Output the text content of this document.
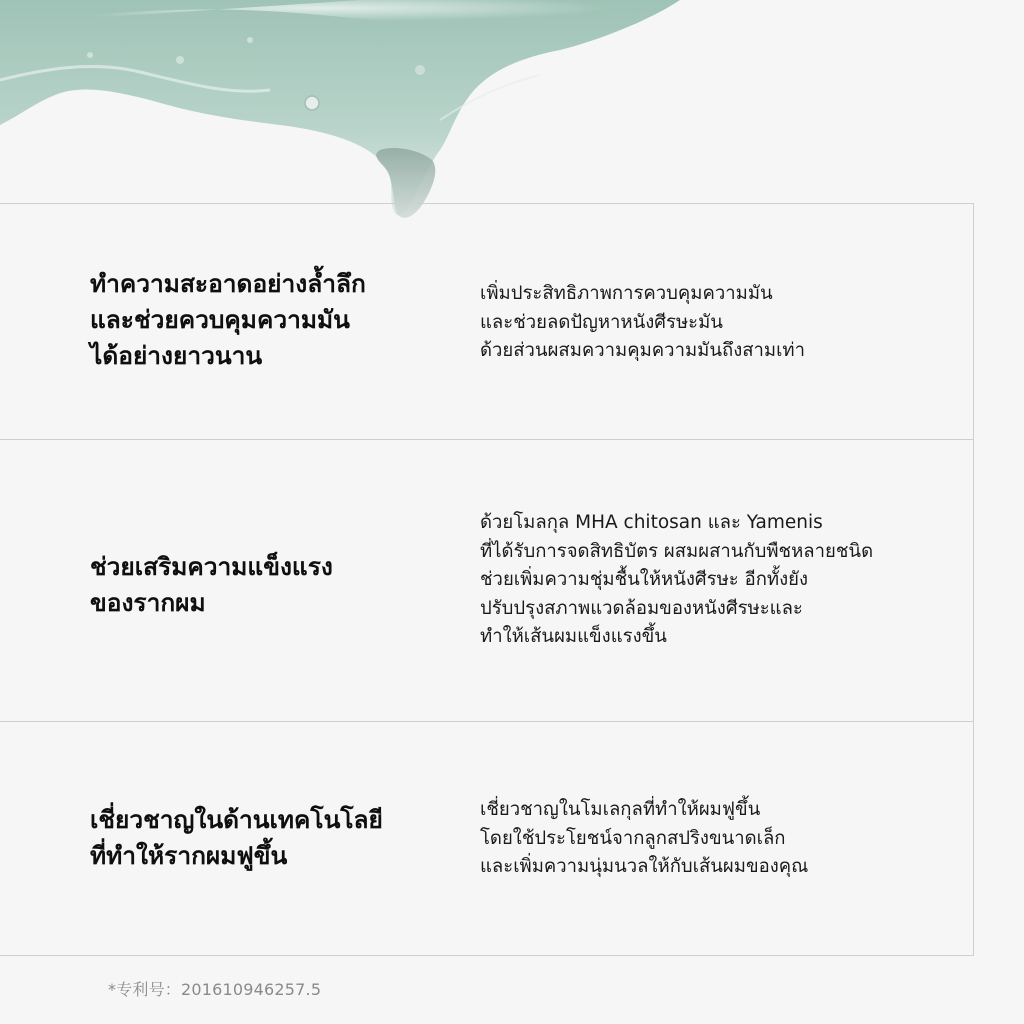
ทำความสะอาดอย่างล้ำลึก
และช่วยควบคุมความมัน
ได้อย่างยาวนาน
เพิ่มประสิทธิภาพการควบคุมความมัน
และช่วยลดปัญหาหนังศีรษะมัน
ด้วยส่วนผสมความคุมความมันถึงสามเท่า
ช่วยเสริมความแข็งแรง
ของรากผม
ด้วยโมลกุล MHA chitosan และ Yamenis
ที่ได้รับการจดสิทธิบัตร ผสมผสานกับพืชหลายชนิด
ช่วยเพิ่มความชุ่มชื้นให้หนังศีรษะ อีกทั้งยัง
ปรับปรุงสภาพแวดล้อมของหนังศีรษะและ
ทำให้เส้นผมแข็งแรงขึ้น
เชี่ยวชาญในด้านเทคโนโลยี
ที่ทำให้รากผมฟูขึ้น
เชี่ยวชาญในโมเลกุลที่ทำให้ผมฟูขึ้น
โดยใช้ประโยชน์จากลูกสปริงขนาดเล็ก
และเพิ่มความนุ่มนวลให้กับเส้นผมของคุณ
*专利号：201610946257.5
